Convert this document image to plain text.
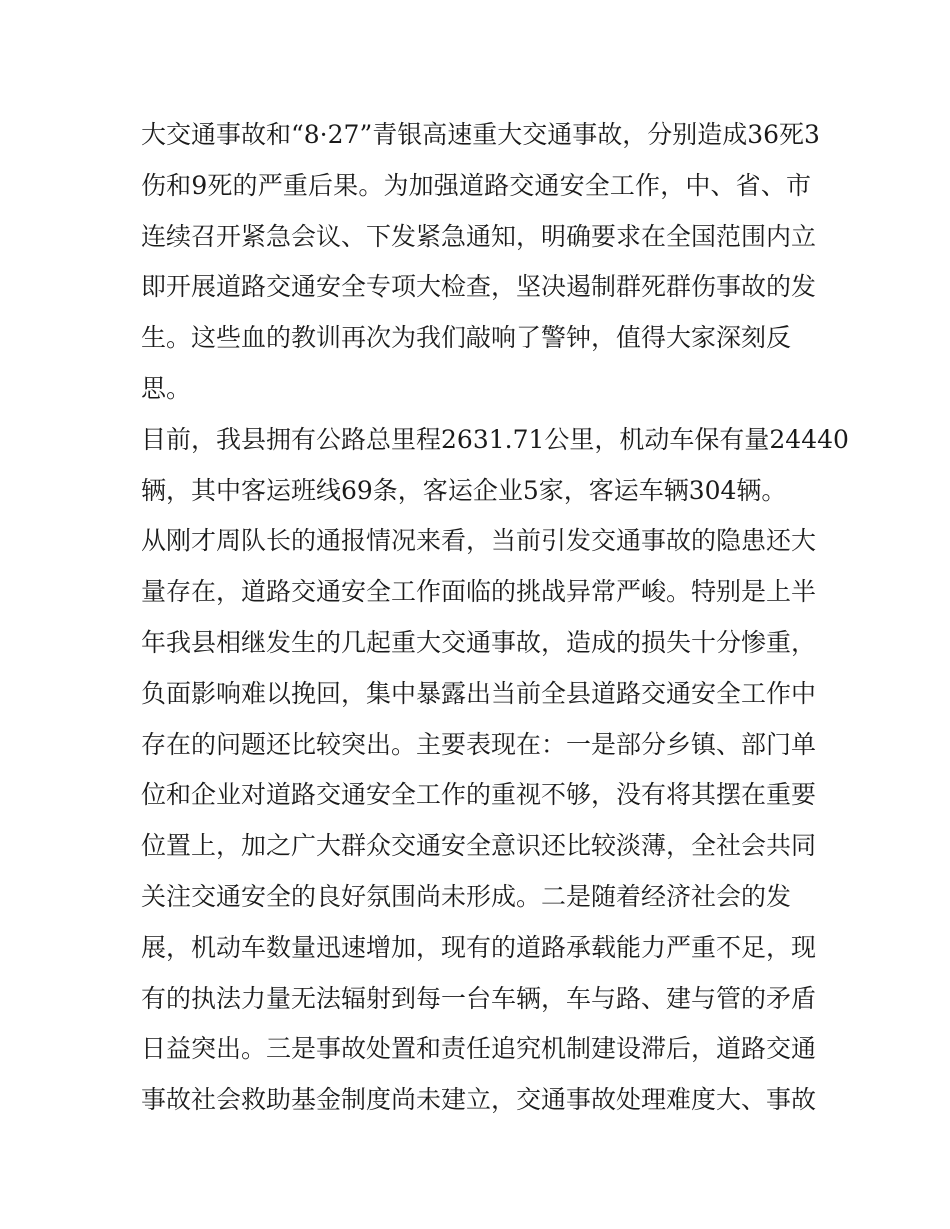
大交通事故和“8·27”青银高速重大交通事故，分别造成36死3
伤和9死的严重后果。为加强道路交通安全工作，中、省、市
连续召开紧急会议、下发紧急通知，明确要求在全国范围内立
即开展道路交通安全专项大检查，坚决遏制群死群伤事故的发
生。这些血的教训再次为我们敲响了警钟，值得大家深刻反
思。
目前，我县拥有公路总里程2631.71公里，机动车保有量24440
辆，其中客运班线69条，客运企业5家，客运车辆304辆。
从刚才周队长的通报情况来看，当前引发交通事故的隐患还大
量存在，道路交通安全工作面临的挑战异常严峻。特别是上半
年我县相继发生的几起重大交通事故，造成的损失十分惨重，
负面影响难以挽回，集中暴露出当前全县道路交通安全工作中
存在的问题还比较突出。主要表现在：一是部分乡镇、部门单
位和企业对道路交通安全工作的重视不够，没有将其摆在重要
位置上，加之广大群众交通安全意识还比较淡薄，全社会共同
关注交通安全的良好氛围尚未形成。二是随着经济社会的发
展，机动车数量迅速增加，现有的道路承载能力严重不足，现
有的执法力量无法辐射到每一台车辆，车与路、建与管的矛盾
日益突出。三是事故处置和责任追究机制建设滞后，道路交通
事故社会救助基金制度尚未建立，交通事故处理难度大、事故
